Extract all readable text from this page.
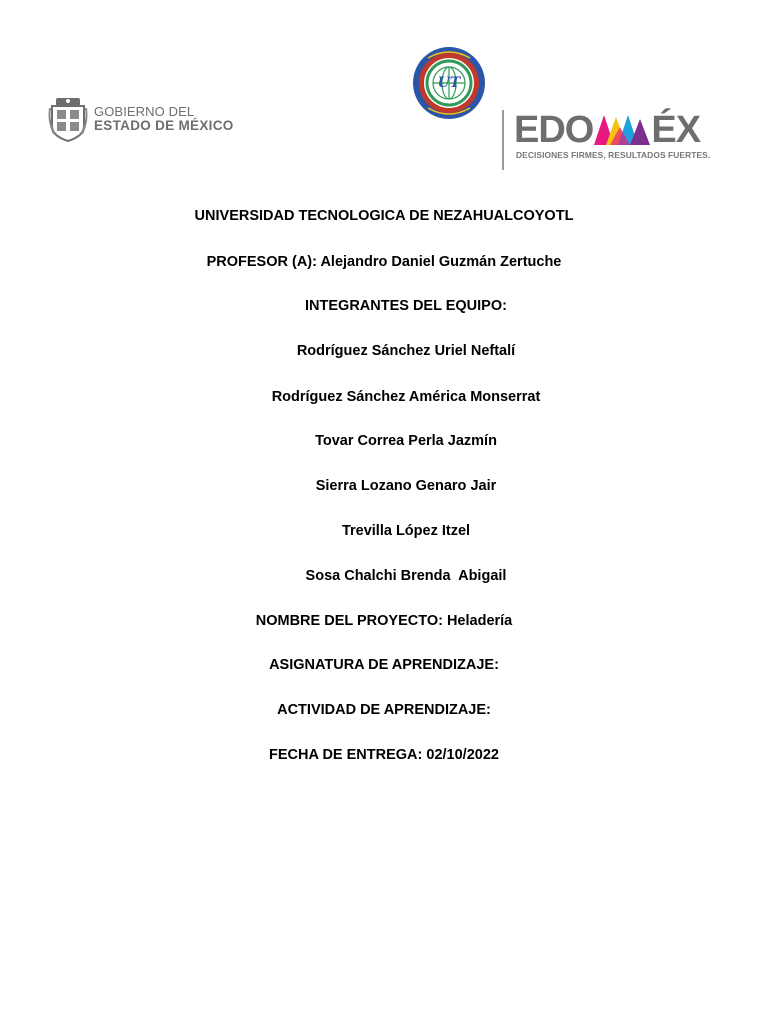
GOBIERNO DEL
ESTADO DE MÉXICO
UT
EDO ÉX
DECISIONES FIRMES, RESULTADOS FUERTES.
UNIVERSIDAD TECNOLOGICA DE NEZAHUALCOYOTL
PROFESOR (A): Alejandro Daniel Guzmán Zertuche
INTEGRANTES DEL EQUIPO:
Rodríguez Sánchez Uriel Neftalí
Rodríguez Sánchez América Monserrat
Tovar Correa Perla Jazmín
Sierra Lozano Genaro Jair
Trevilla López Itzel
Sosa Chalchi Brenda  Abigail
NOMBRE DEL PROYECTO: Heladería
ASIGNATURA DE APRENDIZAJE:
ACTIVIDAD DE APRENDIZAJE:
FECHA DE ENTREGA: 02/10/2022
